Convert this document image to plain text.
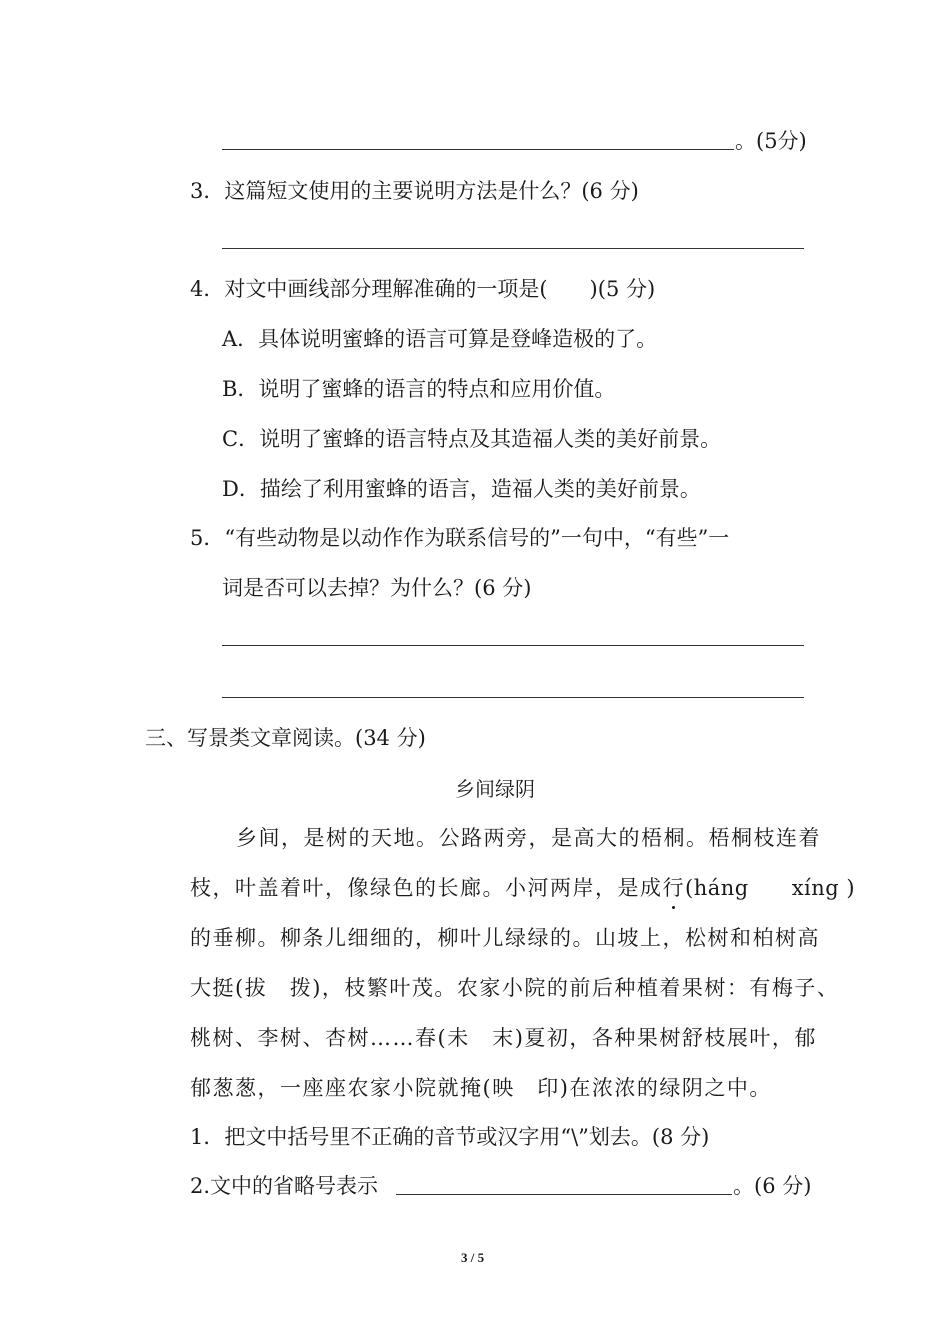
。(5分)
3．这篇短文使用的主要说明方法是什么？(6 分)
4．对文中画线部分理解准确的一项是(　　)(5 分)
A．具体说明蜜蜂的语言可算是登峰造极的了。
B．说明了蜜蜂的语言的特点和应用价值。
C．说明了蜜蜂的语言特点及其造福人类的美好前景。
D．描绘了利用蜜蜂的语言，造福人类的美好前景。
5．“有些动物是以动作作为联系信号的”一句中，“有些”一
词是否可以去掉？为什么？(6 分)
三、写景类文章阅读。(34 分)
乡间绿阴
乡间，是树的天地。公路两旁，是高大的梧桐。梧桐枝连着
枝，叶盖着叶，像绿色的长廊。小河两岸，是成行(háng　　xíng )
的垂柳。柳条儿细细的，柳叶儿绿绿的。山坡上，松树和柏树高
大挺(拔　拨)，枝繁叶茂。农家小院的前后种植着果树：有梅子、
桃树、李树、杏树……春(未　末)夏初，各种果树舒枝展叶，郁
郁葱葱，一座座农家小院就掩(映　印)在浓浓的绿阴之中。
1．把文中括号里不正确的音节或汉字用“\”划去。(8 分)
2.文中的省略号表示	。(6 分)
3 / 5
